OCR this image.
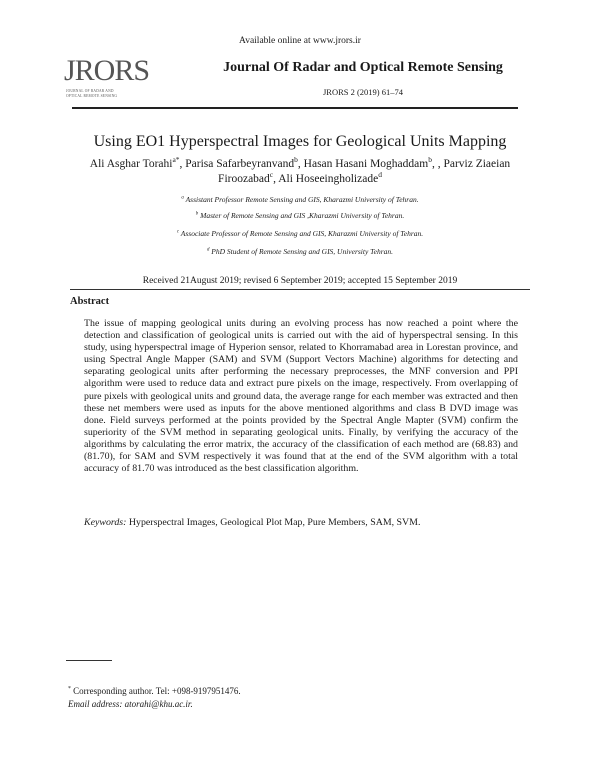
Available online at www.jrors.ir
JRORS
JOURNAL OF RADAR AND
OPTICAL REMOTE SENSING
Journal Of Radar and Optical Remote Sensing
JRORS 2 (2019) 61–74
Using EO1 Hyperspectral Images for Geological Units Mapping
Ali Asghar Torahi$^{a*}$, Parisa Safarbeyranvand$^b$, Hasan Hasani Moghaddam$^b$, , Parviz Ziaeian
Firoozabad$^c$, Ali Hoseeingholizade$^d$
$^a$ Assistant Professor Remote Sensing and GIS, Kharazmi University of Tehran.
$^b$ Master of Remote Sensing and GIS ,Kharazmi University of Tehran.
$^c$ Associate Professor of Remote Sensing and GIS, Kharazmi University of Tehran.
$^d$ PhD Student of Remote Sensing and GIS, University Tehran.
Received 21August 2019; revised 6 September 2019; accepted 15 September 2019
Abstract
The issue of mapping geological units during an evolving process has now reached a point where the detection and classification of geological units is carried out with the aid of hyperspectral sensing. In this study, using hyperspectral image of Hyperion sensor, related to Khorramabad area in Lorestan province, and using Spectral Angle Mapper (SAM) and SVM (Support Vectors Machine) algorithms for detecting and separating geological units after performing the necessary preprocesses, the MNF conversion and PPI algorithm were used to reduce data and extract pure pixels on the image, respectively. From overlapping of pure pixels with geological units and ground data, the average range for each member was extracted and then these net members were used as inputs for the above mentioned algorithms and class B DVD image was done. Field surveys performed at the points provided by the Spectral Angle Mapter (SVM) confirm the superiority of the SVM method in separating geological units. Finally, by verifying the accuracy of the algorithms by calculating the error matrix, the accuracy of the classification of each method are (68.83) and (81.70), for SAM and SVM respectively it was found that at the end of the SVM algorithm with a total accuracy of 81.70 was introduced as the best classification algorithm.
Keywords: Hyperspectral Images, Geological Plot Map, Pure Members, SAM, SVM.
* Corresponding author. Tel: +098-9197951476.
Email address: atorahi@khu.ac.ir.
